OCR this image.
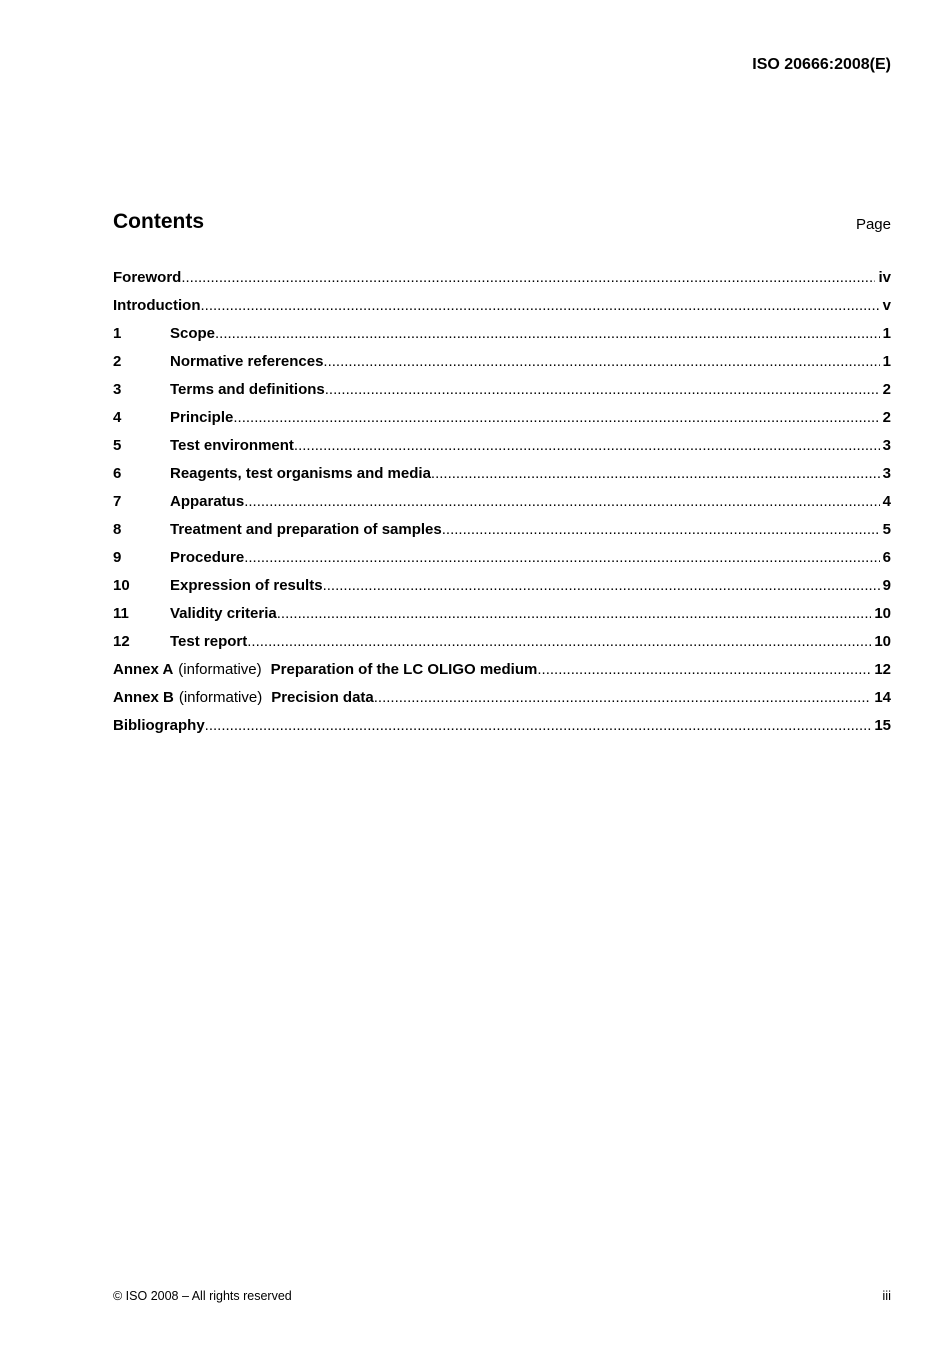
ISO 20666:2008(E)
Contents	Page
Foreword .....	iv
Introduction .....	v
1	Scope .....	1
2	Normative references .....	1
3	Terms and definitions .....	2
4	Principle .....	2
5	Test environment .....	3
6	Reagents, test organisms and media .....	3
7	Apparatus .....	4
8	Treatment and preparation of samples .....	5
9	Procedure .....	6
10	Expression of results .....	9
11	Validity criteria .....	10
12	Test report .....	10
Annex A (informative) Preparation of the LC OLIGO medium .....	12
Annex B (informative) Precision data .....	14
Bibliography .....	15
© ISO 2008 – All rights reserved	iii
